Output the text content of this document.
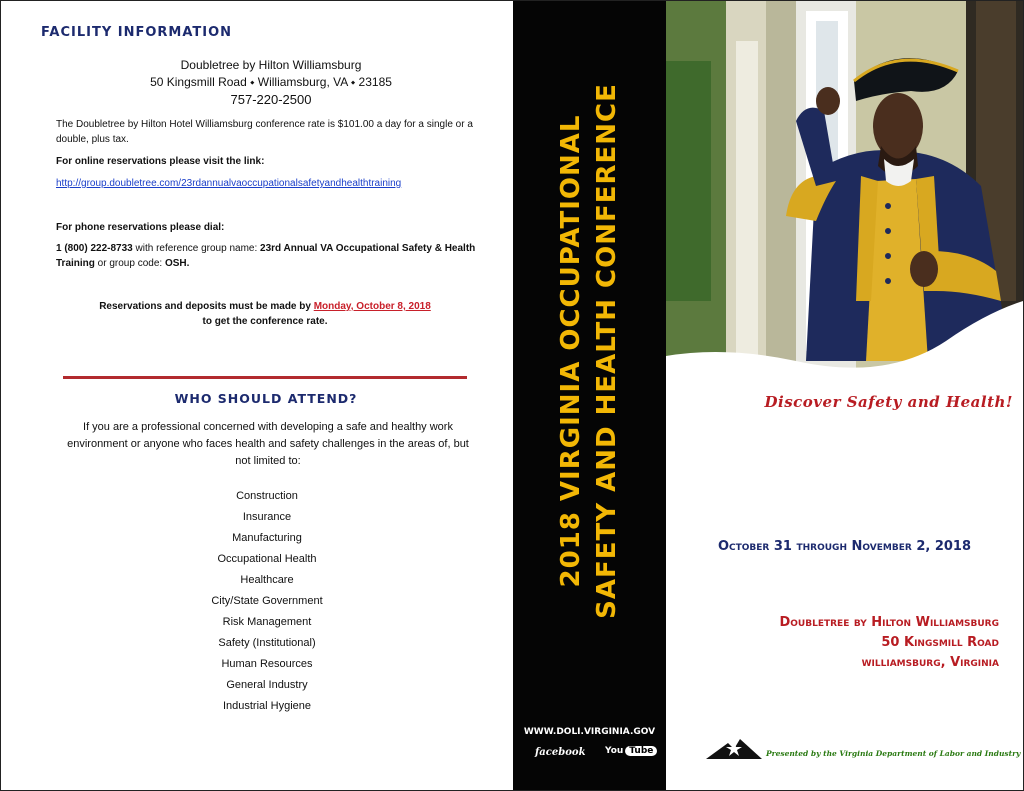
FACILITY INFORMATION
Doubletree by Hilton Williamsburg
50 Kingsmill Road ⬩ Williamsburg, VA ⬩ 23185
757-220-2500
The Doubletree by Hilton Hotel Williamsburg conference rate is $101.00 a day for a single or a double, plus tax.
For online reservations please visit the link:
http://group.doubletree.com/23rdannualvaoccupationalsafetyandhealthtraining
For phone reservations please dial:
1 (800) 222-8733 with reference group name: 23rd Annual VA Occupational Safety & Health Training or group code: OSH.
Reservations and deposits must be made by Monday, October 8, 2018
to get the conference rate.
WHO SHOULD ATTEND?
If you are a professional concerned with developing a safe and healthy work environment or anyone who faces health and safety challenges in the areas of, but not limited to:
Construction
Insurance
Manufacturing
Occupational Health
Healthcare
City/State Government
Risk Management
Safety (Institutional)
Human Resources
General Industry
Industrial Hygiene
2018 VIRGINIA OCCUPATIONAL SAFETY AND HEALTH CONFERENCE
WWW.DOLI.VIRGINIA.GOV
facebook You Tube
Discover Safety and Health!
October 31 through November 2, 2018
Doubletree by Hilton Williamsburg
50 Kingsmill Road
williamsburg, Virginia
Presented by the Virginia Department of Labor and Industry
